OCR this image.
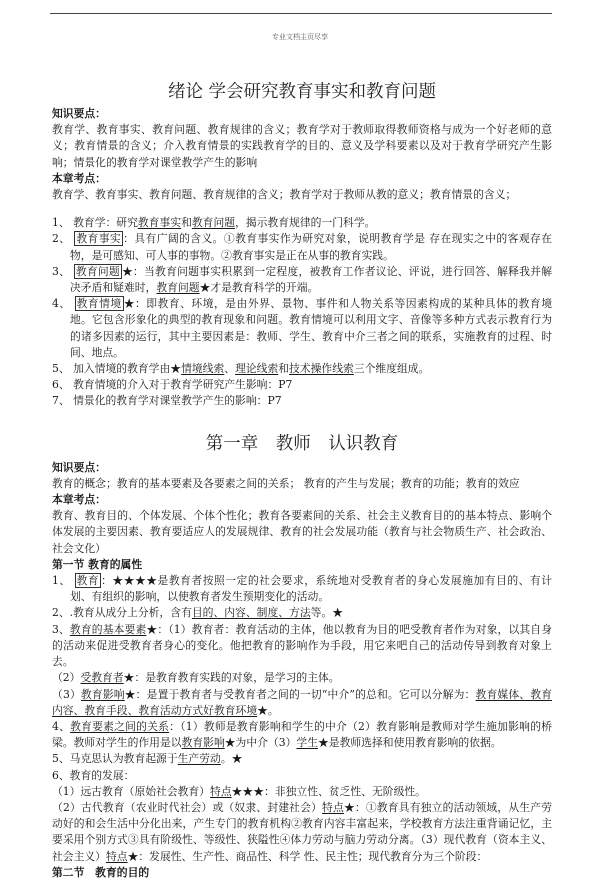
专业文档主页尽享
绪论 学会研究教育事实和教育问题
知识要点：
教育学、教育事实、教育问题、教育规律的含义；教育学对于教师取得教师资格与成为一个好老师的意义；教育情景的含义；介入教育情景的实践教育学的目的、意义及学科要素以及对于教育学研究产生影响；情景化的教育学对课堂教学产生的影响
本章考点：
教育学、教育事实、教育问题、教育规律的含义；教育学对于教师从教的意义；教育情景的含义；
1、 教育学：研究教育事实和教育问题，揭示教育规律的一门科学。
2、 教育事实 ：具有广阔的含义。①教育事实作为研究对象，说明教育学是 存在现实之中的客观存在物，是可感知、可人事的事物。②教育事实是正在从事的教育实践。
3、 教育问题 ★：当教育问题事实积累到一定程度，被教育工作者议论、评说，进行回答、解释我并解决矛盾和疑难时，教育问题★才是教育科学的开端。
4、 教育情境 ★：即教育、环境，是由外界、景物、事件和人物关系等因素构成的某种具体的教育境地。它包含形象化的典型的教育现象和问题。教育情境可以利用文字、音像等多种方式表示教育行为的诸多因素的运行，其中主要因素是：教师、学生、教育中介三者之间的联系，实施教育的过程、时间、地点。
5、 加入情境的教育学由★情境线索、理论线索和技术操作线索三个维度组成。
6、 教育情境的介入对于教育学研究产生影响：P7
7、 情景化的教育学对课堂教学产生的影响：P7
第一章　教师　认识教育
知识要点：
教育的概念；教育的基本要素及各要素之间的关系； 教育的产生与发展；教育的功能；教育的效应
本章考点：
教育、教育目的、个体发展、个体个性化；教育各要素间的关系、社会主义教育目的的基本特点、影响个体发展的主要因素、教育要适应人的发展规律、教育的社会发展功能（教育与社会物质生产、社会政治、社会文化）
第一节 教育的属性
1、 教育 ：★★★★是教育者按照一定的社会要求，系统地对受教育者的身心发展施加有目的、有计划、有组织的影响，以使教育者发生预期变化的活动。
2、.教育从成分上分析，含有目的、内容、制度、方法等。★
3、教育的基本要素★：（1）教育者：教育活动的主体，他以教育为目的吧受教育者作为对象，以其自身的活动来促进受教育者身心的变化。他把教育的影响作为手段，用它来吧自己的活动传导到教育对象上去。
（2）受教育者★：是教育教育实践的对象，是学习的主体。
（3）教育影响★：是置于教育者与受教育者之间的一切“中介”的总和。它可以分解为：教育媒体、教育内容、教育手段、教育活动方式好教育环境★。
4、教育要素之间的关系：（1）教师是教育影响和学生的中介（2）教育影响是教师对学生施加影响的桥梁。教师对学生的作用是以教育影响★为中介（3）学生★是教师选择和使用教育影响的依据。
5、马克思认为教育起源于生产劳动。★
6、教育的发展：
（1）远古教育（原始社会教育）特点★★★：非独立性、贫乏性、无阶级性。
（2）古代教育（农业时代社会）或（奴隶、封建社会）特点★：①教育具有独立的活动领域，从生产劳动好的和会生活中分化出来，产生专门的教育机构②教育内容丰富起来，学校教育方法注重背诵记忆，主要采用个别方式③具有阶级性、等级性、狭隘性④体力劳动与脑力劳动分离。（3）现代教育（资本主义、社会主义）特点★：发展性、生产性、商品性、科学 性、民主性；现代教育分为三个阶段：
第二节　教育的目的
